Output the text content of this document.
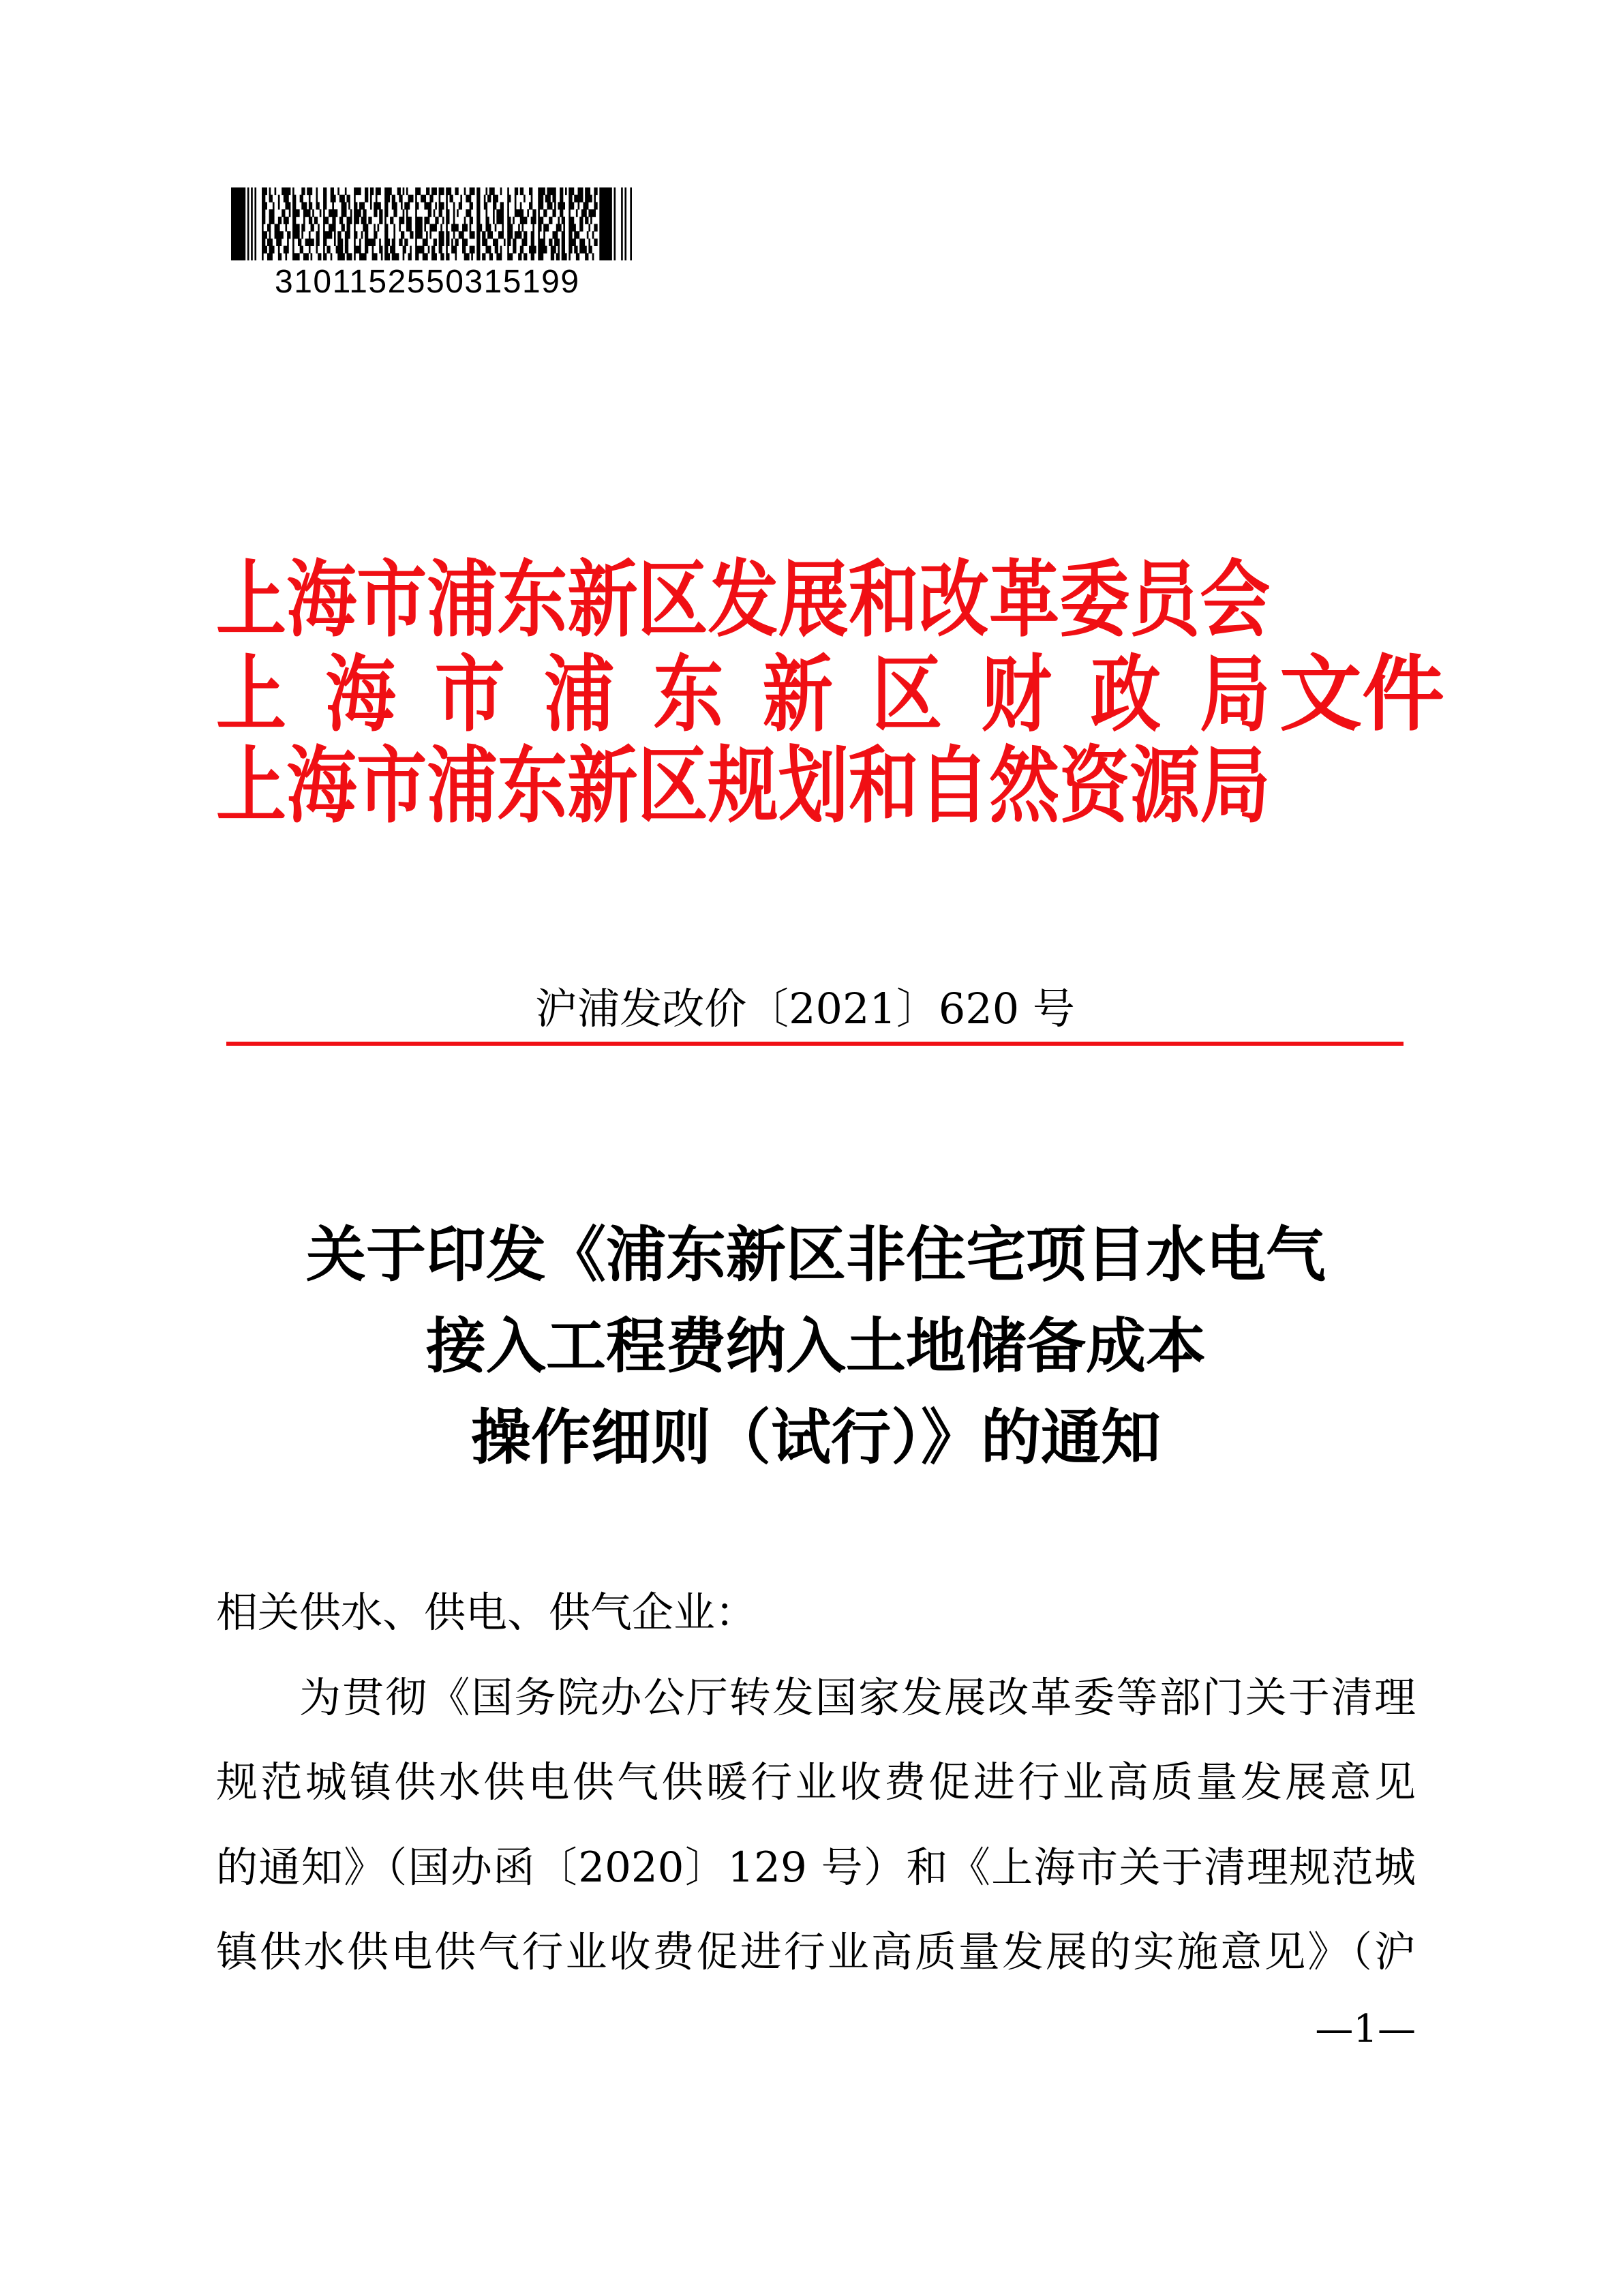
3101152550315199
上海市浦东新区发展和改革委员会
上 海 市 浦 东 新 区 财 政 局
上海市浦东新区规划和自然资源局
文件
沪浦发改价〔2021〕620 号
关于印发《浦东新区非住宅项目水电气
接入工程费纳入土地储备成本
操作细则（试行）》的通知
相关供水、供电、供气企业：
为贯彻《国务院办公厅转发国家发展改革委等部门关于清理
规范城镇供水供电供气供暖行业收费促进行业高质量发展意见
的通知》（国办函〔2020〕129 号）和《上海市关于清理规范城
镇供水供电供气行业收费促进行业高质量发展的实施意见》（沪
—1—
